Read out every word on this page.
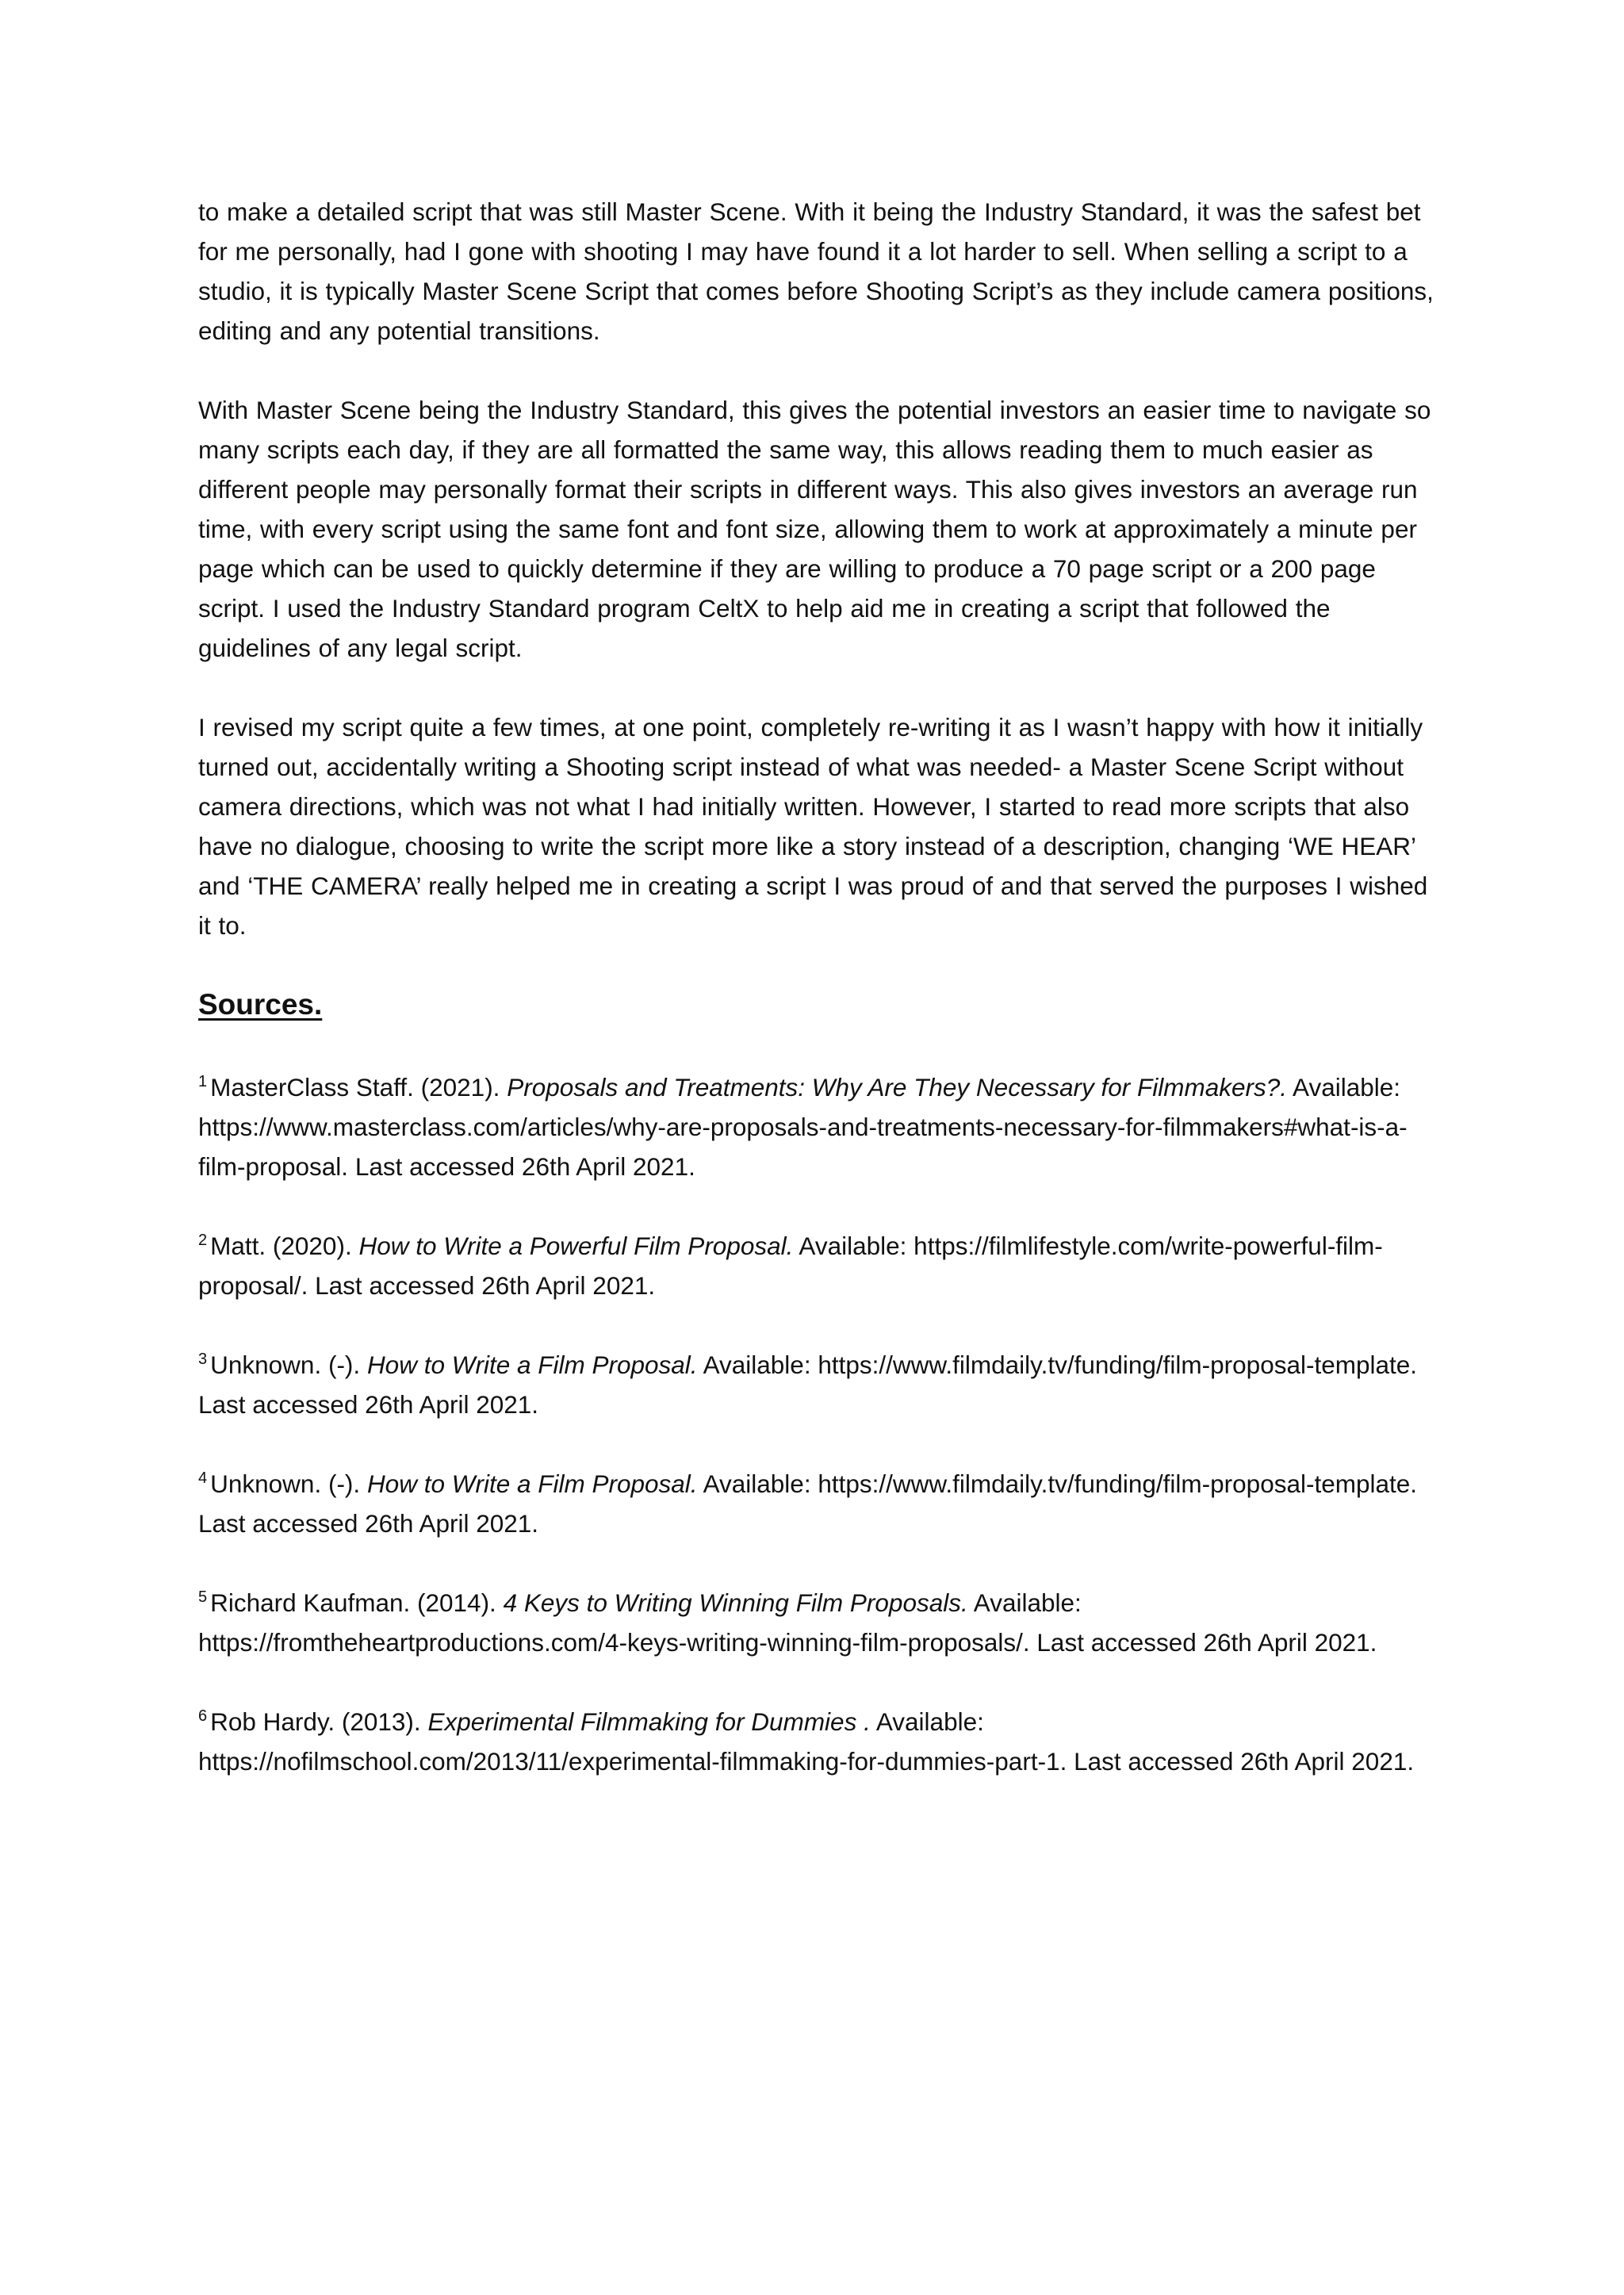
to make a detailed script that was still Master Scene. With it being the Industry Standard, it was the safest bet for me personally, had I gone with shooting I may have found it a lot harder to sell. When selling a script to a studio, it is typically Master Scene Script that comes before Shooting Script’s as they include camera positions, editing and any potential transitions.

With Master Scene being the Industry Standard, this gives the potential investors an easier time to navigate so many scripts each day, if they are all formatted the same way, this allows reading them to much easier as different people may personally format their scripts in different ways. This also gives investors an average run time, with every script using the same font and font size, allowing them to work at approximately a minute per page which can be used to quickly determine if they are willing to produce a 70 page script or a 200 page script. I used the Industry Standard program CeltX to help aid me in creating a script that followed the guidelines of any legal script.

I revised my script quite a few times, at one point, completely re-writing it as I wasn’t happy with how it initially turned out, accidentally writing a Shooting script instead of what was needed- a Master Scene Script without camera directions, which was not what I had initially written. However, I started to read more scripts that also have no dialogue, choosing to write the script more like a story instead of a description, changing ‘WE HEAR’ and ‘THE CAMERA’ really helped me in creating a script I was proud of and that served the purposes I wished it to.

Sources.
$^1$ MasterClass Staff. (2021). Proposals and Treatments: Why Are They Necessary for Filmmakers?. Available: https://www.masterclass.com/articles/why-are-proposals-and-treatments-necessary-for-filmmakers#what-is-a-film-proposal. Last accessed 26th April 2021.
$^2$ Matt. (2020). How to Write a Powerful Film Proposal. Available: https://filmlifestyle.com/write-powerful-film-proposal/. Last accessed 26th April 2021.
$^3$ Unknown. (-). How to Write a Film Proposal. Available: https://www.filmdaily.tv/funding/film-proposal-template. Last accessed 26th April 2021.
$^4$ Unknown. (-). How to Write a Film Proposal. Available: https://www.filmdaily.tv/funding/film-proposal-template. Last accessed 26th April 2021.
$^5$ Richard Kaufman. (2014). 4 Keys to Writing Winning Film Proposals. Available: https://fromtheheartproductions.com/4-keys-writing-winning-film-proposals/. Last accessed 26th April 2021.
$^6$ Rob Hardy. (2013). Experimental Filmmaking for Dummies . Available: https://nofilmschool.com/2013/11/experimental-filmmaking-for-dummies-part-1. Last accessed 26th April 2021.
